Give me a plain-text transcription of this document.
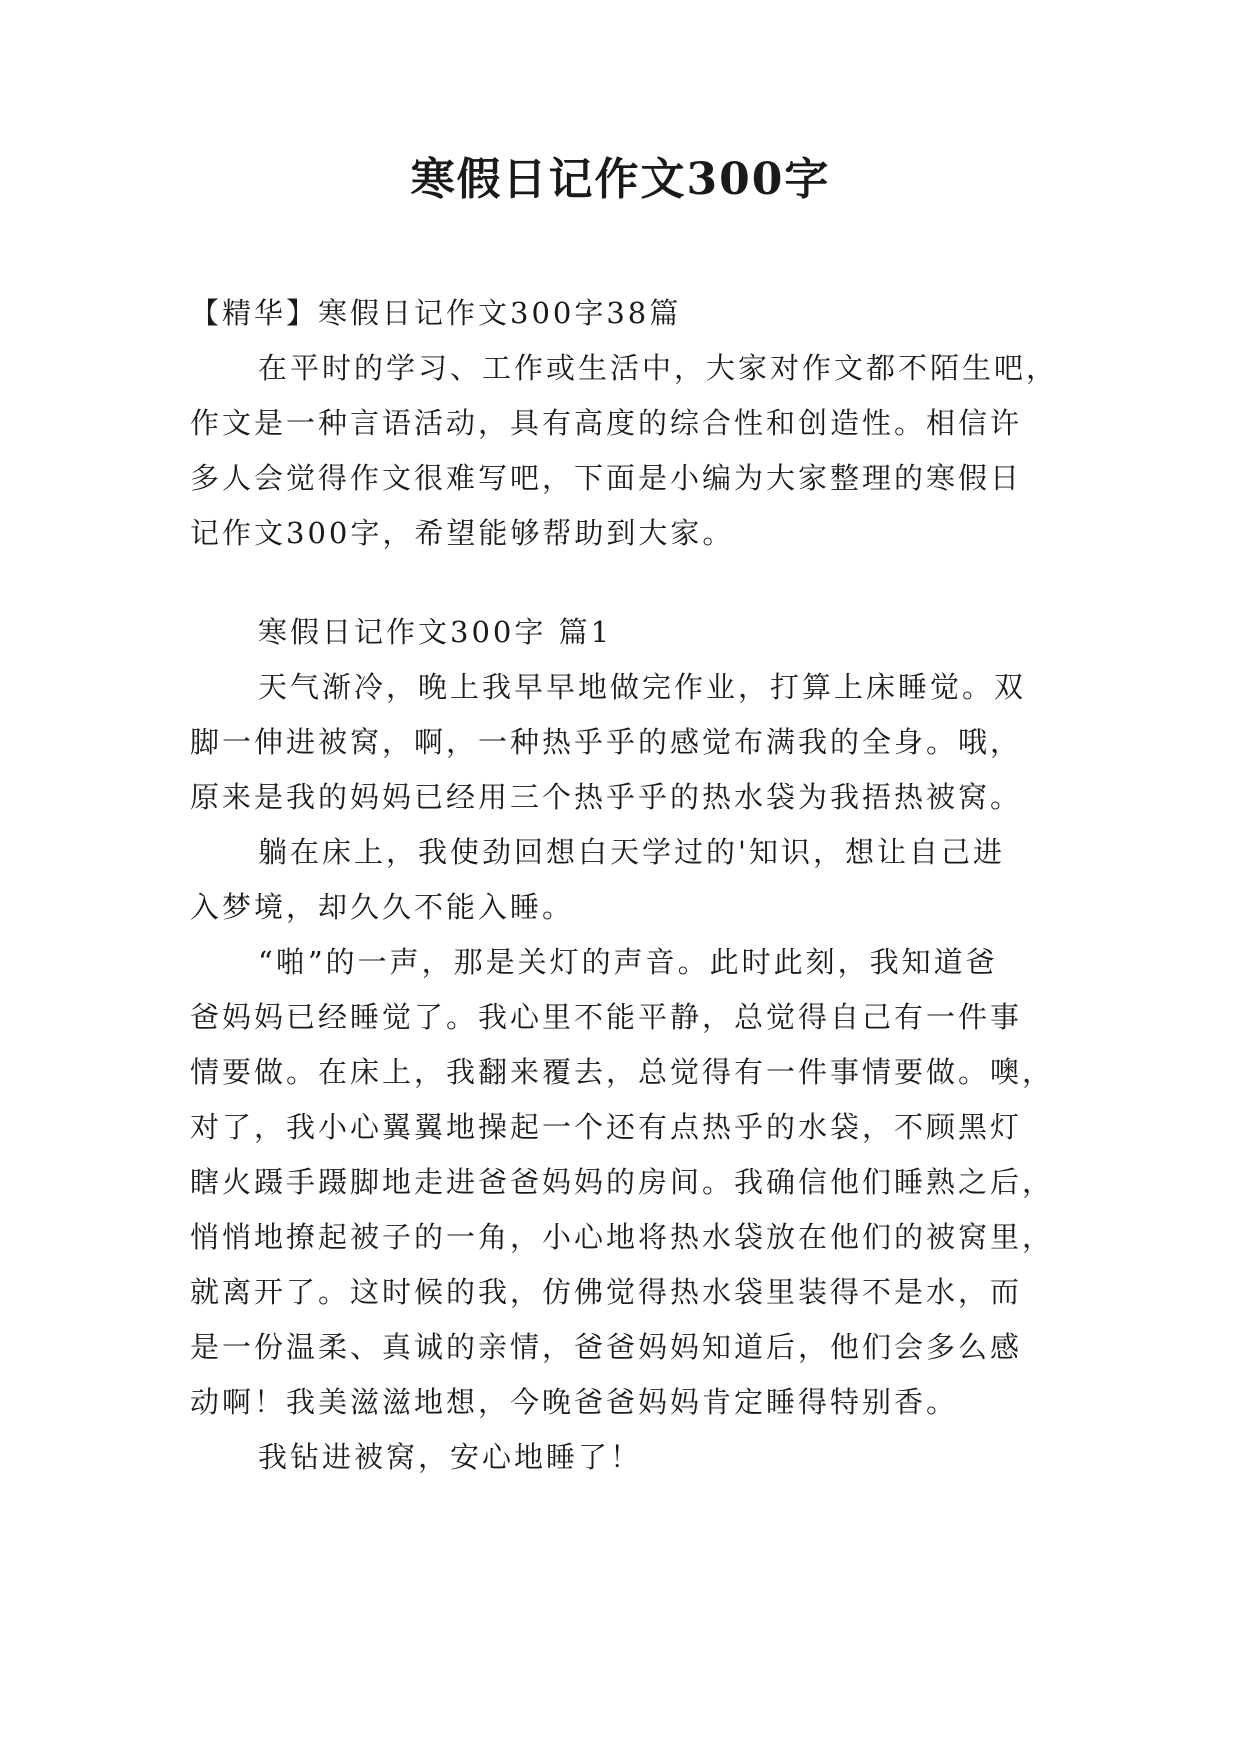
寒假日记作文300字
【精华】寒假日记作文300字38篇
在平时的学习、工作或生活中，大家对作文都不陌生吧，
作文是一种言语活动，具有高度的综合性和创造性。相信许
多人会觉得作文很难写吧，下面是小编为大家整理的寒假日
记作文300字，希望能够帮助到大家。
寒假日记作文300字 篇1
天气渐冷，晚上我早早地做完作业，打算上床睡觉。双
脚一伸进被窝，啊，一种热乎乎的感觉布满我的全身。哦，
原来是我的妈妈已经用三个热乎乎的热水袋为我捂热被窝。
躺在床上，我使劲回想白天学过的'知识，想让自己进
入梦境，却久久不能入睡。
“啪”的一声，那是关灯的声音。此时此刻，我知道爸
爸妈妈已经睡觉了。我心里不能平静，总觉得自己有一件事
情要做。在床上，我翻来覆去，总觉得有一件事情要做。噢，
对了，我小心翼翼地操起一个还有点热乎的水袋，不顾黑灯
瞎火蹑手蹑脚地走进爸爸妈妈的房间。我确信他们睡熟之后，
悄悄地撩起被子的一角，小心地将热水袋放在他们的被窝里，
就离开了。这时候的我，仿佛觉得热水袋里装得不是水，而
是一份温柔、真诚的亲情，爸爸妈妈知道后，他们会多么感
动啊！我美滋滋地想，今晚爸爸妈妈肯定睡得特别香。
我钻进被窝，安心地睡了！
